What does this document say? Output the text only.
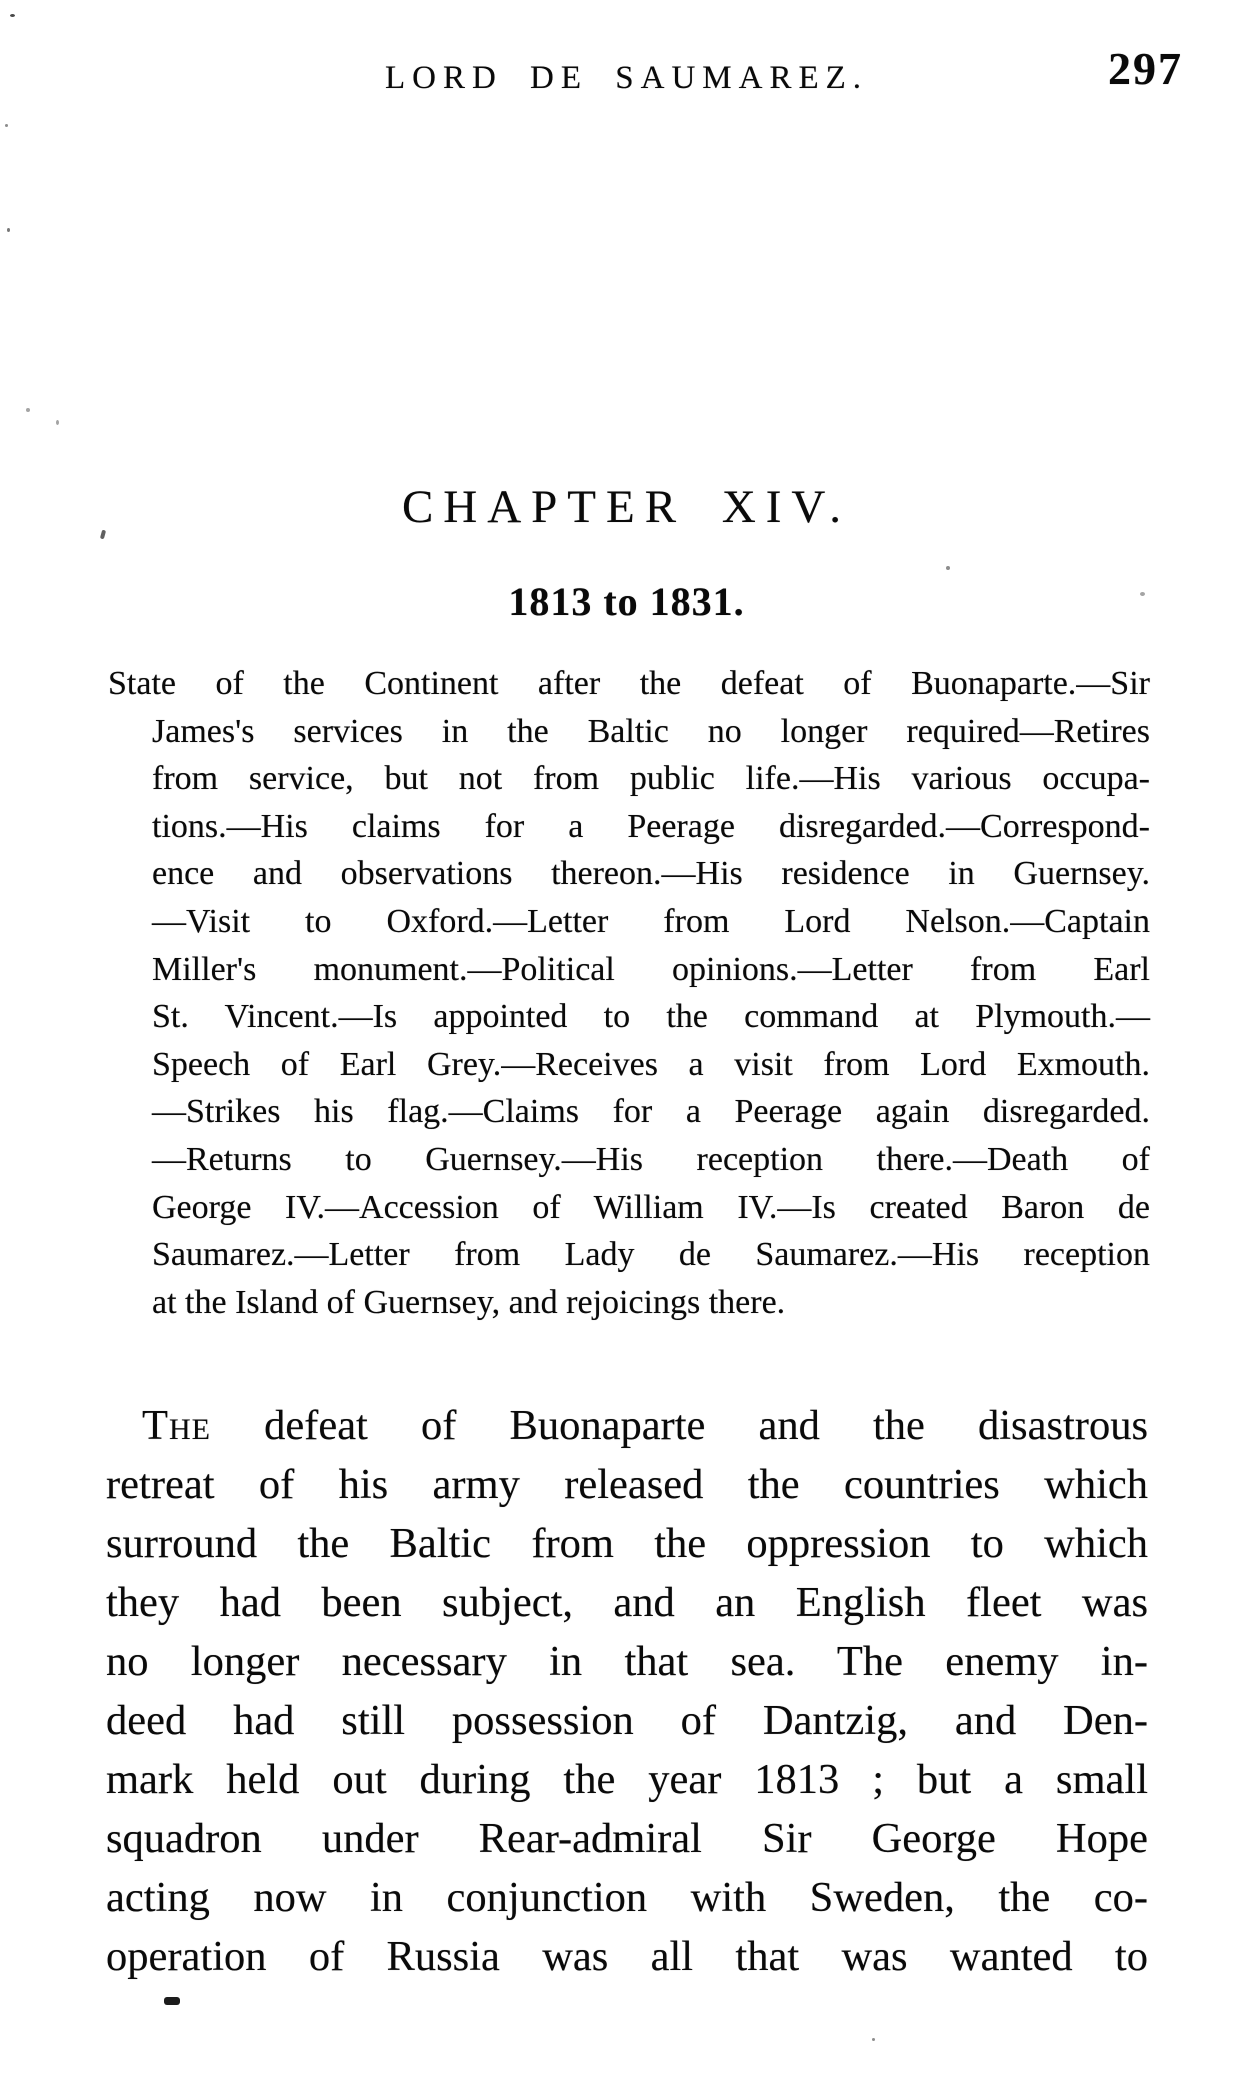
LORD DE SAUMAREZ.	297
CHAPTER XIV.
1813 to 1831.
State of the Continent after the defeat of Buonaparte.—Sir
James's services in the Baltic no longer required—Retires
from service, but not from public life.—His various occupa-
tions.—His claims for a Peerage disregarded.—Correspond-
ence and observations thereon.—His residence in Guernsey.
—Visit to Oxford.—Letter from Lord Nelson.—Captain
Miller's monument.—Political opinions.—Letter from Earl
St. Vincent.—Is appointed to the command at Plymouth.—
Speech of Earl Grey.—Receives a visit from Lord Exmouth.
—Strikes his flag.—Claims for a Peerage again disregarded.
—Returns to Guernsey.—His reception there.—Death of
George IV.—Accession of William IV.—Is created Baron de
Saumarez.—Letter from Lady de Saumarez.—His reception
at the Island of Guernsey, and rejoicings there.
The defeat of Buonaparte and the disastrous
retreat of his army released the countries which
surround the Baltic from the oppression to which
they had been subject, and an English fleet was
no longer necessary in that sea. The enemy in-
deed had still possession of Dantzig, and Den-
mark held out during the year 1813 ; but a small
squadron under Rear-admiral Sir George Hope
acting now in conjunction with Sweden, the co-
operation of Russia was all that was wanted to
